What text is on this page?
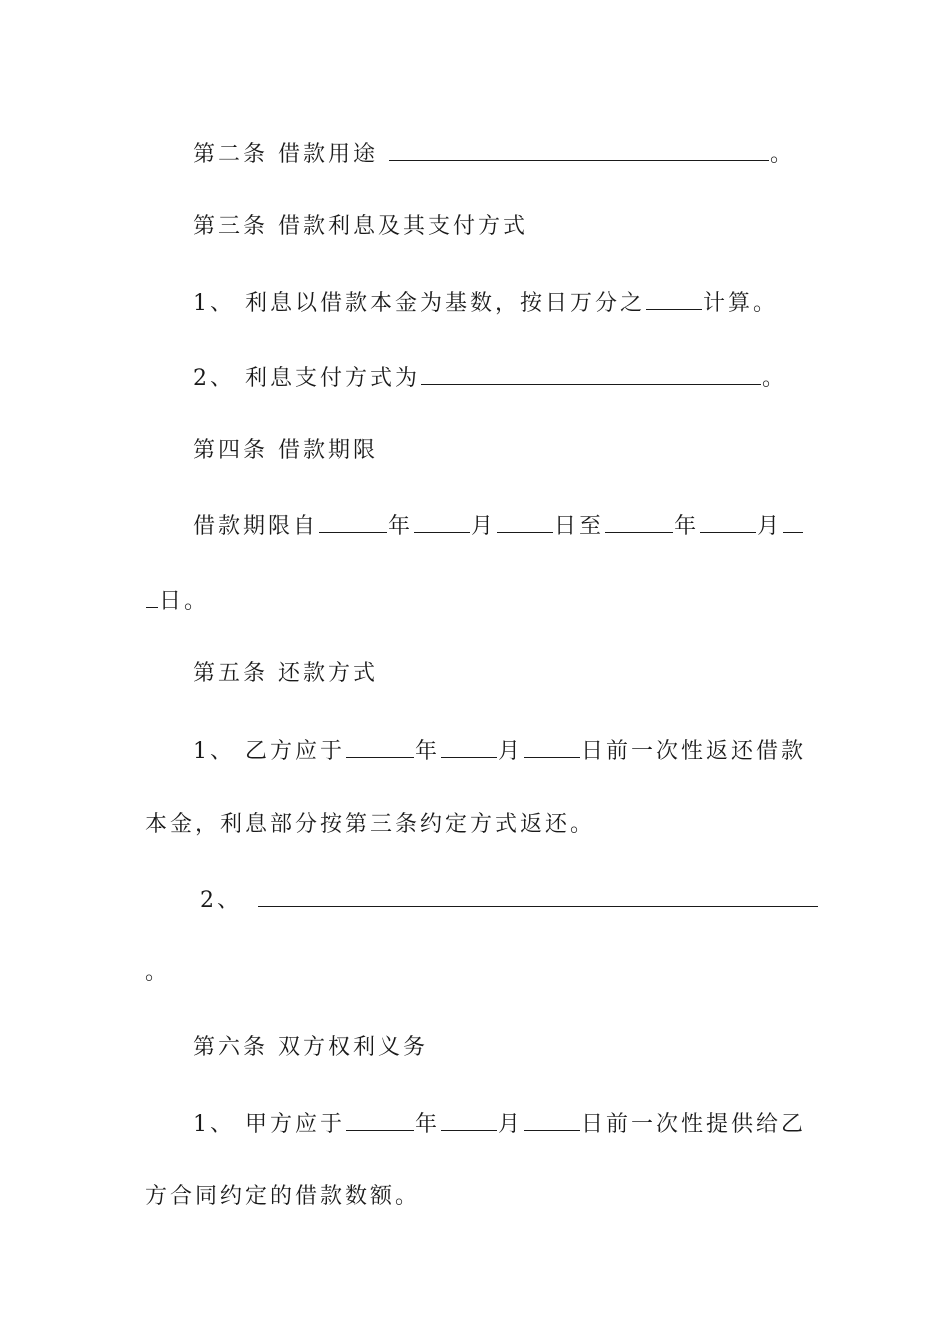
第二条 借款用途	。
第三条 借款利息及其支付方式
1、 利息以借款本金为基数，按日万分之	计算。
2、 利息支付方式为	。
第四条 借款期限
借款期限自	年	月	日至	年	月
日。
第五条 还款方式
1、 乙方应于	年	月	日前一次性返还借款
本金，利息部分按第三条约定方式返还。
2、
。
第六条 双方权利义务
1、 甲方应于	年	月	日前一次性提供给乙
方合同约定的借款数额。
